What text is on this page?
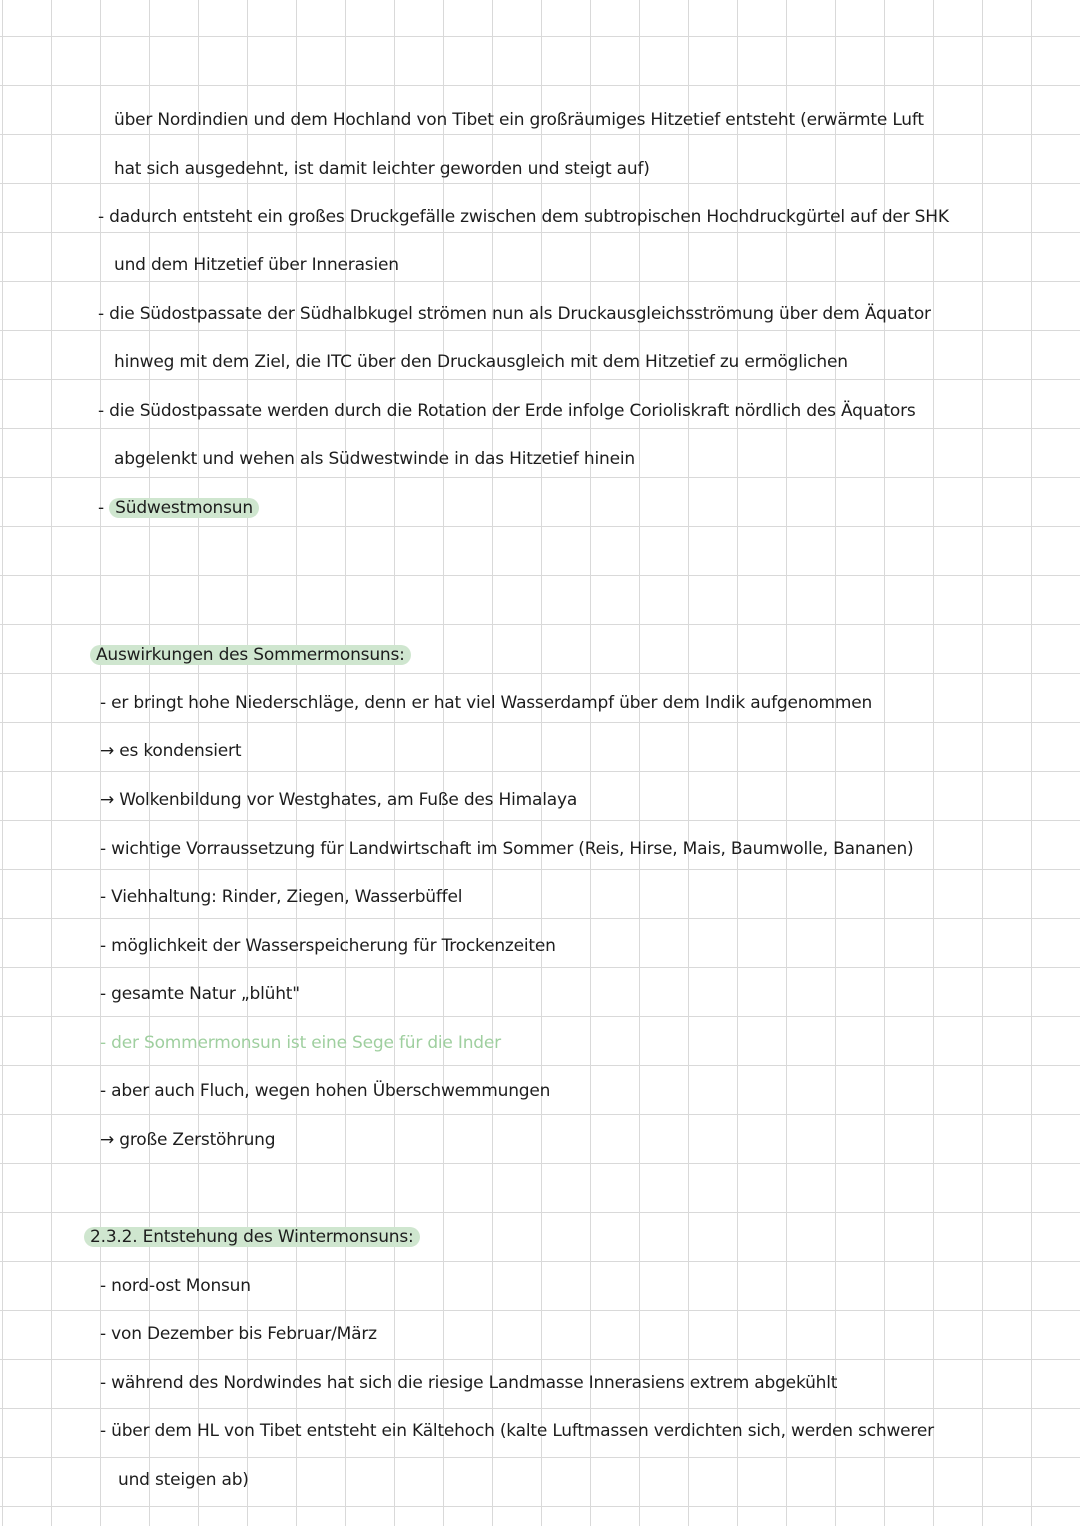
über Nordindien und dem Hochland von Tibet ein großräumiges Hitzetief entsteht (erwärmte Luft
hat sich ausgedehnt, ist damit leichter geworden und steigt auf)
- dadurch entsteht ein großes Druckgefälle zwischen dem subtropischen Hochdruckgürtel auf der SHK
und dem Hitzetief über Innerasien
- die Südostpassate der Südhalbkugel strömen nun als Druckausgleichsströmung über dem Äquator
hinweg mit dem Ziel, die ITC über den Druckausgleich mit dem Hitzetief zu ermöglichen
- die Südostpassate werden durch die Rotation der Erde infolge Corioliskraft nördlich des Äquators
abgelenkt und wehen als Südwestwinde in das Hitzetief hinein
- Südwestmonsun
Auswirkungen des Sommermonsuns:
- er bringt hohe Niederschläge, denn er hat viel Wasserdampf über dem Indik aufgenommen
→ es kondensiert
→ Wolkenbildung vor Westghates, am Fuße des Himalaya
- wichtige Vorraussetzung für Landwirtschaft im Sommer (Reis, Hirse, Mais, Baumwolle, Bananen)
- Viehhaltung: Rinder, Ziegen, Wasserbüffel
- möglichkeit der Wasserspeicherung für Trockenzeiten
- gesamte Natur „blüht"
- der Sommermonsun ist eine Sege für die Inder
- aber auch Fluch, wegen hohen Überschwemmungen
→ große Zerstöhrung
2.3.2. Entstehung des Wintermonsuns:
- nord-ost Monsun
- von Dezember bis Februar/März
- während des Nordwindes hat sich die riesige Landmasse Innerasiens extrem abgekühlt
- über dem HL von Tibet entsteht ein Kältehoch (kalte Luftmassen verdichten sich, werden schwerer
und steigen ab)
